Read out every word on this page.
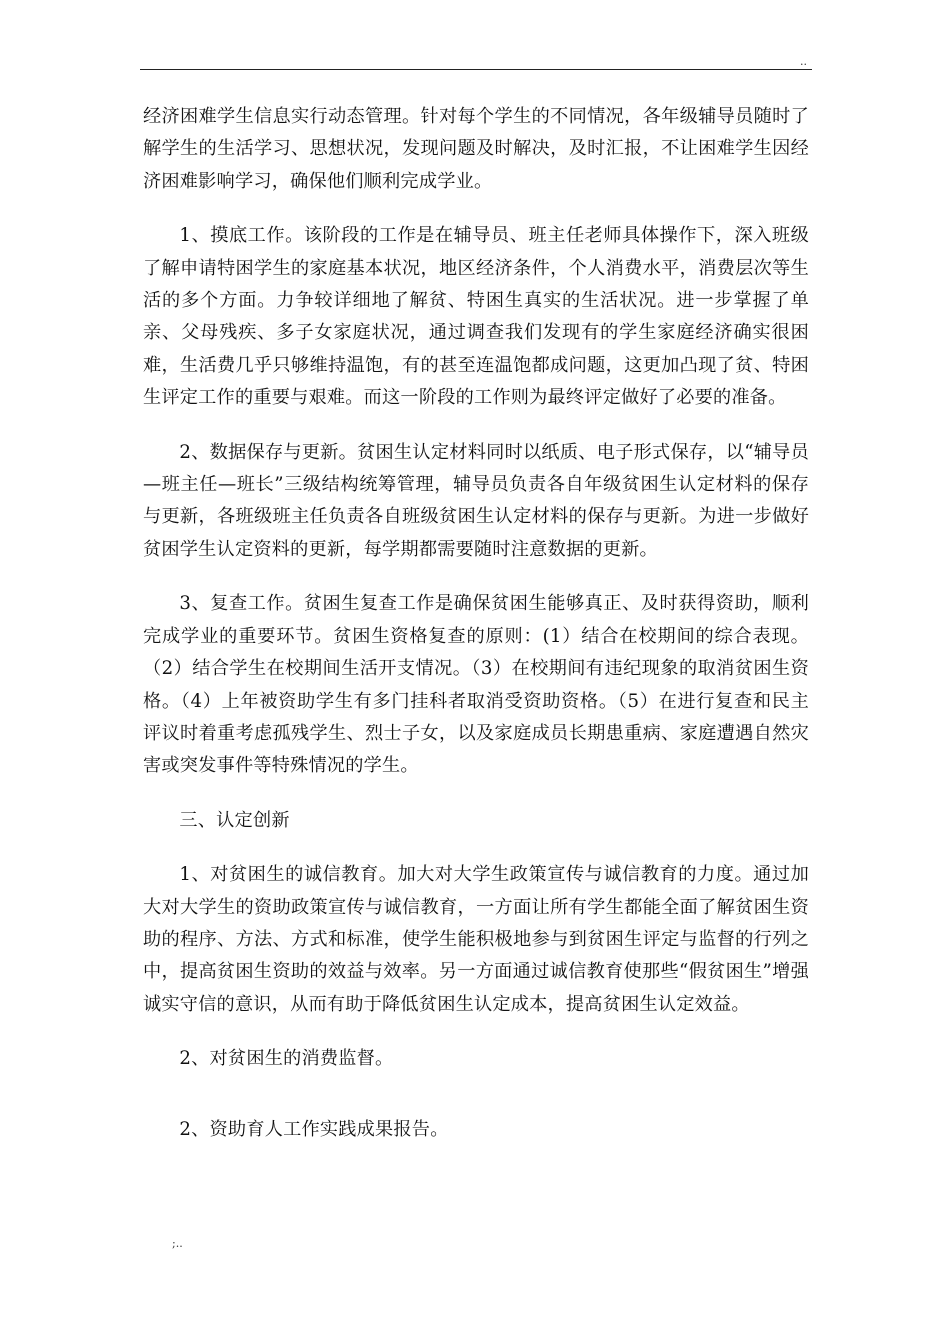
..

经济困难学生信息实行动态管理。针对每个学生的不同情况，各年级辅导员随时了解学生的生活学习、思想状况，发现问题及时解决，及时汇报，不让困难学生因经济困难影响学习，确保他们顺利完成学业。

1、摸底工作。该阶段的工作是在辅导员、班主任老师具体操作下，深入班级了解申请特困学生的家庭基本状况，地区经济条件，个人消费水平，消费层次等生活的多个方面。力争较详细地了解贫、特困生真实的生活状况。进一步掌握了单亲、父母残疾、多子女家庭状况，通过调查我们发现有的学生家庭经济确实很困难，生活费几乎只够维持温饱，有的甚至连温饱都成问题，这更加凸现了贫、特困生评定工作的重要与艰难。而这一阶段的工作则为最终评定做好了必要的准备。

2、数据保存与更新。贫困生认定材料同时以纸质、电子形式保存，以“辅导员—班主任—班长”三级结构统筹管理，辅导员负责各自年级贫困生认定材料的保存与更新，各班级班主任负责各自班级贫困生认定材料的保存与更新。为进一步做好贫困学生认定资料的更新，每学期都需要随时注意数据的更新。

3、复查工作。贫困生复查工作是确保贫困生能够真正、及时获得资助，顺利完成学业的重要环节。贫困生资格复查的原则：(1）结合在校期间的综合表现。（2）结合学生在校期间生活开支情况。（3）在校期间有违纪现象的取消贫困生资格。（4）上年被资助学生有多门挂科者取消受资助资格。（5）在进行复查和民主评议时着重考虑孤残学生、烈士子女，以及家庭成员长期患重病、家庭遭遇自然灾害或突发事件等特殊情况的学生。

三、认定创新

1、对贫困生的诚信教育。加大对大学生政策宣传与诚信教育的力度。通过加大对大学生的资助政策宣传与诚信教育，一方面让所有学生都能全面了解贫困生资助的程序、方法、方式和标准，使学生能积极地参与到贫困生评定与监督的行列之中，提高贫困生资助的效益与效率。另一方面通过诚信教育使那些“假贫困生”增强诚实守信的意识，从而有助于降低贫困生认定成本，提高贫困生认定效益。

2、对贫困生的消费监督。

2、资助育人工作实践成果报告。

;..
